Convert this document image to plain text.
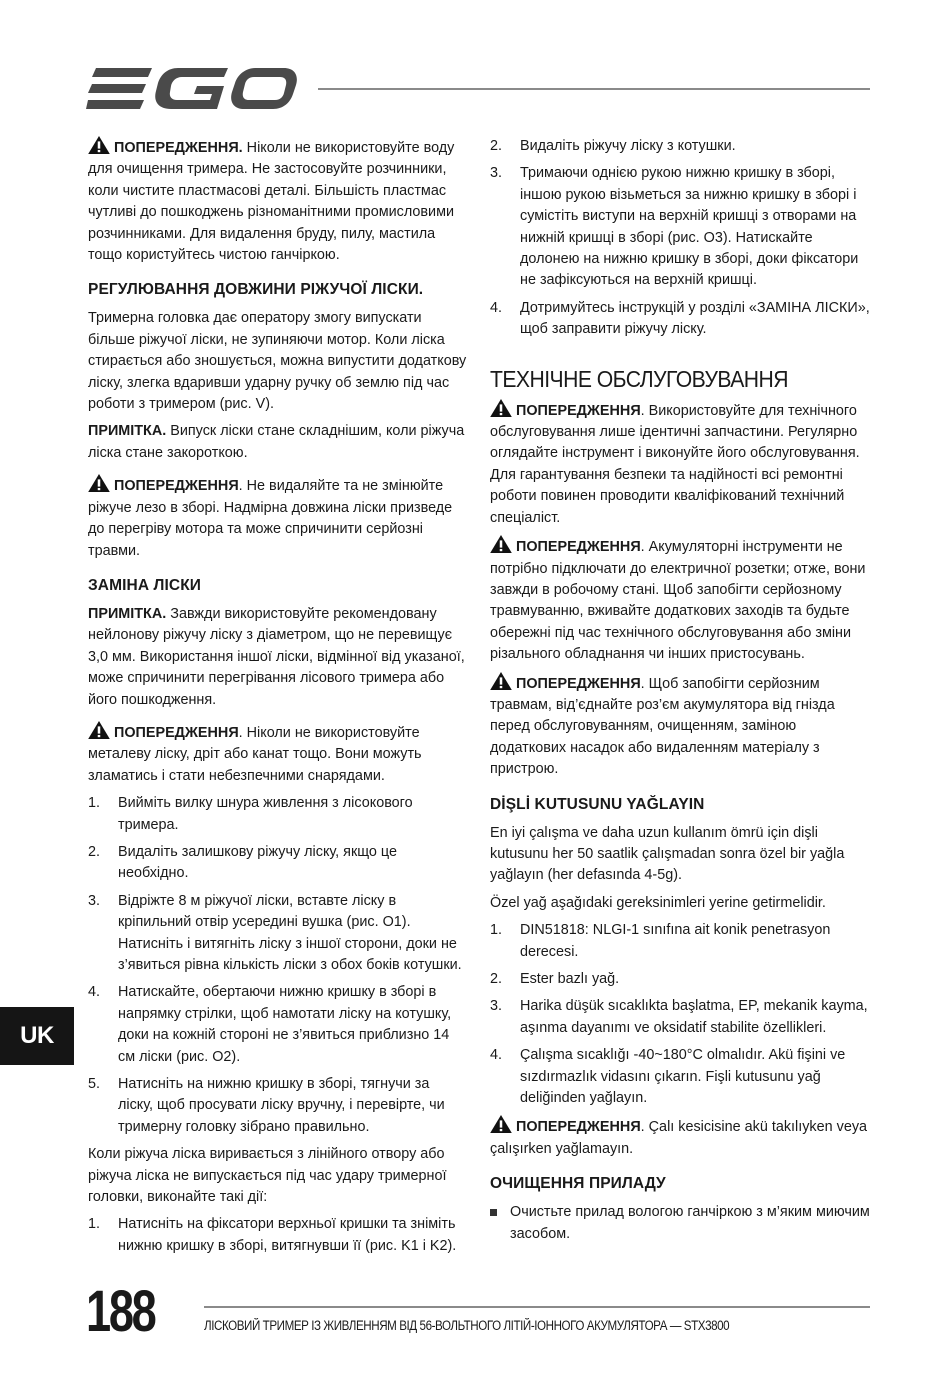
ПОПЕРЕДЖЕННЯ. Ніколи не використовуйте воду для очищення тримера. Не застосовуйте розчинники, коли чистите пластмасові деталі. Більшість пластмас чутливі до пошкоджень різноманітними промисловими розчинниками. Для видалення бруду, пилу, мастила тощо користуйтесь чистою ганчіркою.

РЕГУЛЮВАННЯ ДОВЖИНИ РІЖУЧОЇ ЛІСКИ.

Тримерна головка дає оператору змогу випускати більше ріжучої ліски, не зупиняючи мотор. Коли ліска стирається або зношується, можна випустити додаткову ліску, злегка вдаривши ударну ручку об землю під час роботи з тримером (рис. V).

ПРИМІТКА. Випуск ліски стане складнішим, коли ріжуча ліска стане закороткою.

ПОПЕРЕДЖЕННЯ. Не видаляйте та не змінюйте ріжуче лезо в зборі. Надмірна довжина ліски призведе до перегріву мотора та може спричинити серйозні травми.

ЗАМІНА ЛІСКИ

ПРИМІТКА. Завжди використовуйте рекомендовану нейлонову ріжучу ліску з діаметром, що не перевищує 3,0 мм. Використання іншої ліски, відмінної від указаної, може спричинити перегрівання лісового тримера або його пошкодження.

ПОПЕРЕДЖЕННЯ. Ніколи не використовуйте металеву ліску, дріт або канат тощо. Вони можуть зламатись і стати небезпечними снарядами.

1.	Вийміть вилку шнура живлення з лісокового тримера.
2.	Видаліть залишкову ріжучу ліску, якщо це необхідно.
3.	Відріжте 8 м ріжучої ліски, вставте ліску в кріпильний отвір усередині вушка (рис. O1). Натисніть і витягніть ліску з іншої сторони, доки не з’явиться рівна кількість ліски з обох боків котушки.
4.	Натискайте, обертаючи нижню кришку в зборі в напрямку стрілки, щоб намотати ліску на котушку, доки на кожній стороні не з’явиться приблизно 14 см ліски (рис. O2).
5.	Натисніть на нижню кришку в зборі, тягнучи за ліску, щоб просувати ліску вручну, і перевірте, чи тримерну головку зібрано правильно.

Коли ріжуча ліска виривається з лінійного отвору або ріжуча ліска не випускається під час удару тримерної головки, виконайте такі дії:

1.	Натисніть на фіксатори верхньої кришки та зніміть нижню кришку в зборі, витягнувши її (рис. K1 і K2).
2.	Видаліть ріжучу ліску з котушки.
3.	Тримаючи однією рукою нижню кришку в зборі, іншою рукою візьметься за нижню кришку в зборі і сумістіть виступи на верхній кришці з отворами на нижній кришці в зборі (рис. O3). Натискайте долонею на нижню кришку в зборі, доки фіксатори не зафіксуються на верхній кришці.
4.	Дотримуйтесь інструкцій у розділі «ЗАМІНА ЛІСКИ», щоб заправити ріжучу ліску.
ТЕХНІЧНЕ ОБСЛУГОВУВАННЯ

ПОПЕРЕДЖЕННЯ. Використовуйте для технічного обслуговування лише ідентичні запчастини. Регулярно оглядайте інструмент і виконуйте його обслуговування. Для гарантування безпеки та надійності всі ремонтні роботи повинен проводити кваліфікований технічний спеціаліст.

ПОПЕРЕДЖЕННЯ. Акумуляторні інструменти не потрібно підключати до електричної розетки; отже, вони завжди в робочому стані. Щоб запобігти серйозному травмуванню, вживайте додаткових заходів та будьте обережні під час технічного обслуговування або зміни різального обладнання чи інших пристосувань.

ПОПЕРЕДЖЕННЯ. Щоб запобігти серйозним травмам, від’єднайте роз’єм акумулятора від гнізда перед обслуговуванням, очищенням, заміною додаткових насадок або видаленням матеріалу з пристрою.

DİŞLİ KUTUSUNU YAĞLAYIN

En iyi çalışma ve daha uzun kullanım ömrü için dişli kutusunu her 50 saatlik çalışmadan sonra özel bir yağla yağlayın (her defasında 4-5g).

Özel yağ aşağıdaki gereksinimleri yerine getirmelidir.

1.	DIN51818: NLGI-1 sınıfına ait konik penetrasyon derecesi.
2.	Ester bazlı yağ.
3.	Harika düşük sıcaklıkta başlatma, EP, mekanik kayma, aşınma dayanımı ve oksidatif stabilite özellikleri.
4.	Çalışma sıcaklığı -40~180°C olmalıdır. Akü fişini ve sızdırmazlık vidasını çıkarın. Fişli kutusunu yağ deliğinden yağlayın.

ПОПЕРЕДЖЕННЯ. Çalı kesicisine akü takılıyken veya çalışırken yağlamayın.

ОЧИЩЕННЯ ПРИЛАДУ
Очистьте прилад вологою ганчіркою з м’яким миючим засобом.
UK
188	ЛІСКОВИЙ ТРИМЕР ІЗ ЖИВЛЕННЯМ ВІД 56-ВОЛЬТНОГО ЛІТІЙ-ІОННОГО АКУМУЛЯТОРА — STX3800
